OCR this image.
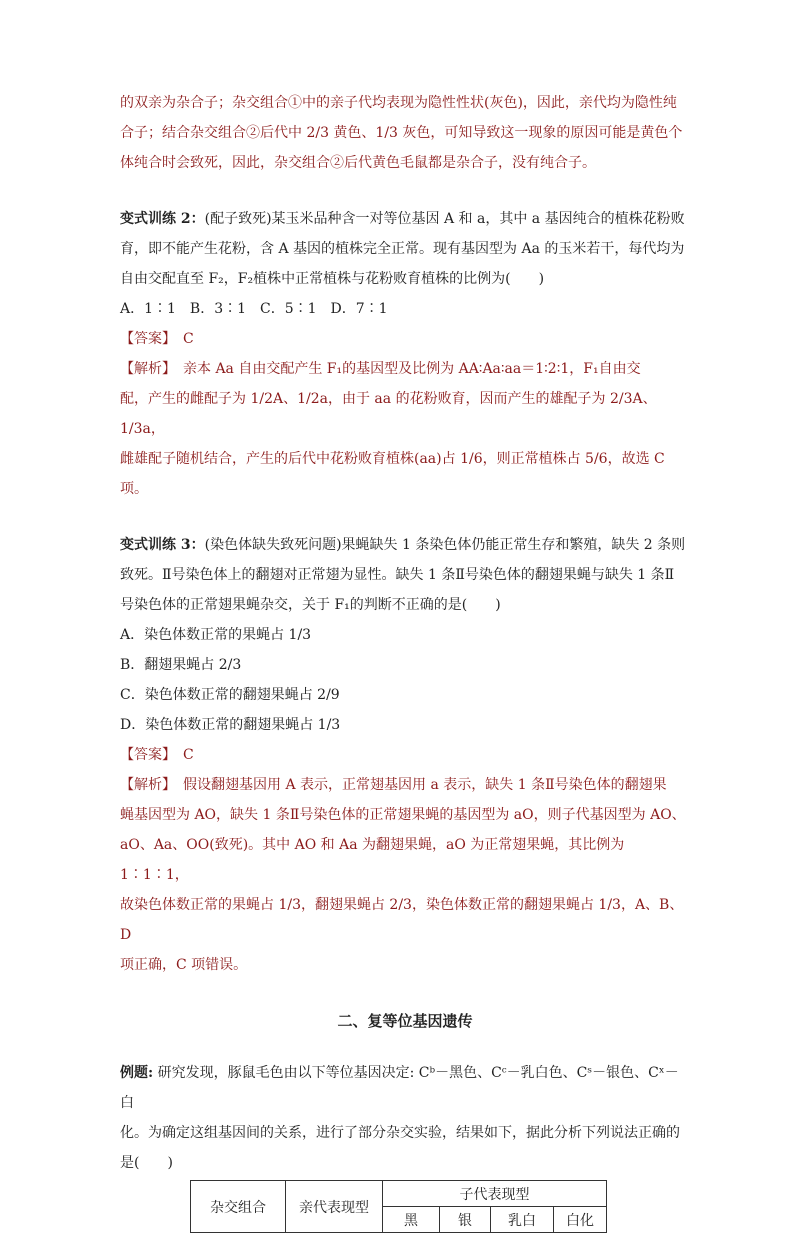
的双亲为杂合子；杂交组合①中的亲子代均表现为隐性性状(灰色)，因此，亲代均为隐性纯

合子；结合杂交组合②后代中 2/3 黄色、1/3 灰色，可知导致这一现象的原因可能是黄色个

体纯合时会致死，因此，杂交组合②后代黄色毛鼠都是杂合子，没有纯合子。

变式训练 2：(配子致死)某玉米品种含一对等位基因 A 和 a，其中 a 基因纯合的植株花粉败

育，即不能产生花粉，含 A 基因的植株完全正常。现有基因型为 Aa 的玉米若干，每代均为

自由交配直至 F₂，F₂植株中正常植株与花粉败育植株的比例为(　　)

A．1∶1　B．3∶1　C．5∶1　D．7∶1

【答案】　 C

【解析】　 亲本 Aa 自由交配产生 F₁的基因型及比例为 AA∶Aa∶aa＝1∶2∶1，F₁自由交

配，产生的雌配子为 1/2A、1/2a，由于 aa 的花粉败育，因而产生的雄配子为 2/3A、1/3a，

雌雄配子随机结合，产生的后代中花粉败育植株(aa)占 1/6，则正常植株占 5/6，故选 C 项。

变式训练 3：(染色体缺失致死问题)果蝇缺失 1 条染色体仍能正常生存和繁殖，缺失 2 条则

致死。Ⅱ号染色体上的翻翅对正常翅为显性。缺失 1 条Ⅱ号染色体的翻翅果蝇与缺失 1 条Ⅱ

号染色体的正常翅果蝇杂交，关于 F₁的判断不正确的是(　　)

A．染色体数正常的果蝇占 1/3

B．翻翅果蝇占 2/3

C．染色体数正常的翻翅果蝇占 2/9

D．染色体数正常的翻翅果蝇占 1/3

【答案】　 C

【解析】　 假设翻翅基因用 A 表示，正常翅基因用 a 表示，缺失 1 条Ⅱ号染色体的翻翅果

蝇基因型为 AO，缺失 1 条Ⅱ号染色体的正常翅果蝇的基因型为 aO，则子代基因型为 AO、

aO、Aa、OO(致死)。其中 AO 和 Aa 为翻翅果蝇，aO 为正常翅果蝇，其比例为 1∶1∶1，

故染色体数正常的果蝇占 1/3，翻翅果蝇占 2/3，染色体数正常的翻翅果蝇占 1/3，A、B、D

项正确，C 项错误。

二、复等位基因遗传

例题: 研究发现，豚鼠毛色由以下等位基因决定: Cᵇ－黑色、Cᶜ－乳白色、Cˢ－银色、Cˣ－白

化。为确定这组基因间的关系，进行了部分杂交实验，结果如下，据此分析下列说法正确的

是(　　)

杂交组合	亲代表现型	子代表现型			
		黑	银	乳白	白化
